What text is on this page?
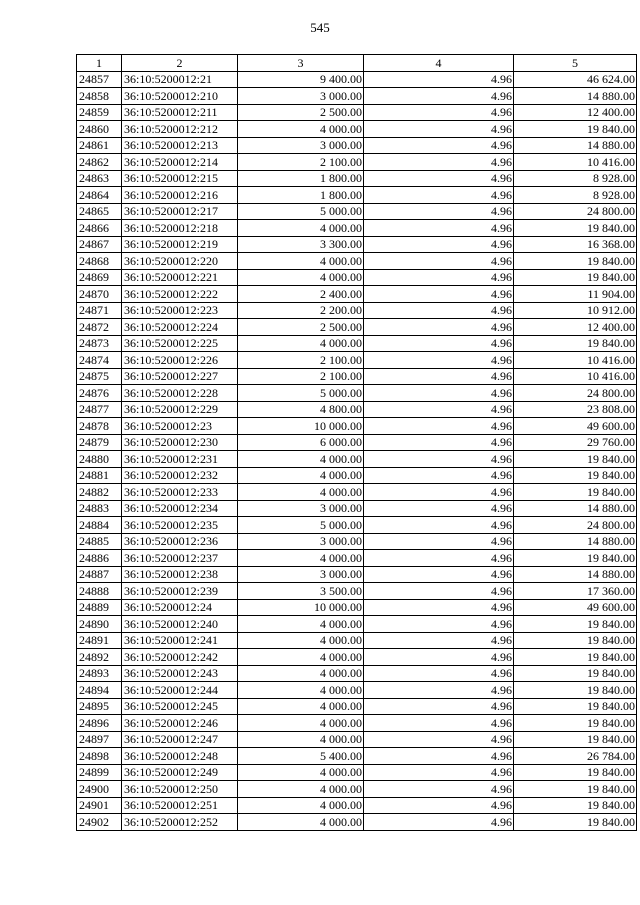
545
1	2	3	4	5
24857	36:10:5200012:21	9 400.00	4.96	46 624.00
24858	36:10:5200012:210	3 000.00	4.96	14 880.00
24859	36:10:5200012:211	2 500.00	4.96	12 400.00
24860	36:10:5200012:212	4 000.00	4.96	19 840.00
24861	36:10:5200012:213	3 000.00	4.96	14 880.00
24862	36:10:5200012:214	2 100.00	4.96	10 416.00
24863	36:10:5200012:215	1 800.00	4.96	8 928.00
24864	36:10:5200012:216	1 800.00	4.96	8 928.00
24865	36:10:5200012:217	5 000.00	4.96	24 800.00
24866	36:10:5200012:218	4 000.00	4.96	19 840.00
24867	36:10:5200012:219	3 300.00	4.96	16 368.00
24868	36:10:5200012:220	4 000.00	4.96	19 840.00
24869	36:10:5200012:221	4 000.00	4.96	19 840.00
24870	36:10:5200012:222	2 400.00	4.96	11 904.00
24871	36:10:5200012:223	2 200.00	4.96	10 912.00
24872	36:10:5200012:224	2 500.00	4.96	12 400.00
24873	36:10:5200012:225	4 000.00	4.96	19 840.00
24874	36:10:5200012:226	2 100.00	4.96	10 416.00
24875	36:10:5200012:227	2 100.00	4.96	10 416.00
24876	36:10:5200012:228	5 000.00	4.96	24 800.00
24877	36:10:5200012:229	4 800.00	4.96	23 808.00
24878	36:10:5200012:23	10 000.00	4.96	49 600.00
24879	36:10:5200012:230	6 000.00	4.96	29 760.00
24880	36:10:5200012:231	4 000.00	4.96	19 840.00
24881	36:10:5200012:232	4 000.00	4.96	19 840.00
24882	36:10:5200012:233	4 000.00	4.96	19 840.00
24883	36:10:5200012:234	3 000.00	4.96	14 880.00
24884	36:10:5200012:235	5 000.00	4.96	24 800.00
24885	36:10:5200012:236	3 000.00	4.96	14 880.00
24886	36:10:5200012:237	4 000.00	4.96	19 840.00
24887	36:10:5200012:238	3 000.00	4.96	14 880.00
24888	36:10:5200012:239	3 500.00	4.96	17 360.00
24889	36:10:5200012:24	10 000.00	4.96	49 600.00
24890	36:10:5200012:240	4 000.00	4.96	19 840.00
24891	36:10:5200012:241	4 000.00	4.96	19 840.00
24892	36:10:5200012:242	4 000.00	4.96	19 840.00
24893	36:10:5200012:243	4 000.00	4.96	19 840.00
24894	36:10:5200012:244	4 000.00	4.96	19 840.00
24895	36:10:5200012:245	4 000.00	4.96	19 840.00
24896	36:10:5200012:246	4 000.00	4.96	19 840.00
24897	36:10:5200012:247	4 000.00	4.96	19 840.00
24898	36:10:5200012:248	5 400.00	4.96	26 784.00
24899	36:10:5200012:249	4 000.00	4.96	19 840.00
24900	36:10:5200012:250	4 000.00	4.96	19 840.00
24901	36:10:5200012:251	4 000.00	4.96	19 840.00
24902	36:10:5200012:252	4 000.00	4.96	19 840.00
